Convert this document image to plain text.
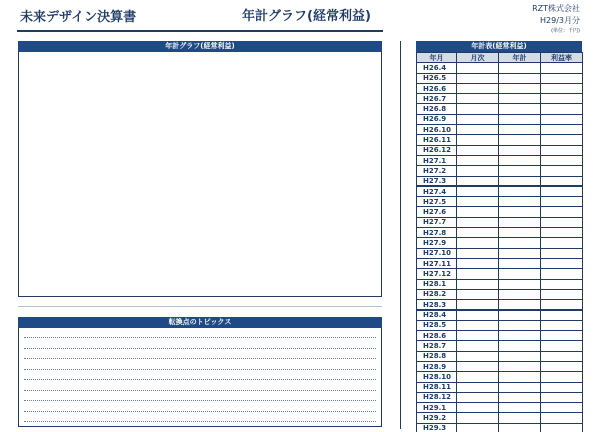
未来デザイン決算書	年計グラフ(経常利益)
RZT株式会社
H29/3月分
(単位：千円)
年計グラフ(経常利益)
転換点のトピックス
年計表(経常利益)
年月	月次	年計	利益率
H26.4			
H26.5			
H26.6			
H26.7			
H26.8			
H26.9			
H26.10			
H26.11			
H26.12			
H27.1			
H27.2			
H27.3			
H27.4			
H27.5			
H27.6			
H27.7			
H27.8			
H27.9			
H27.10			
H27.11			
H27.12			
H28.1			
H28.2			
H28.3			
H28.4			
H28.5			
H28.6			
H28.7			
H28.8			
H28.9			
H28.10			
H28.11			
H28.12			
H29.1			
H29.2			
H29.3			
